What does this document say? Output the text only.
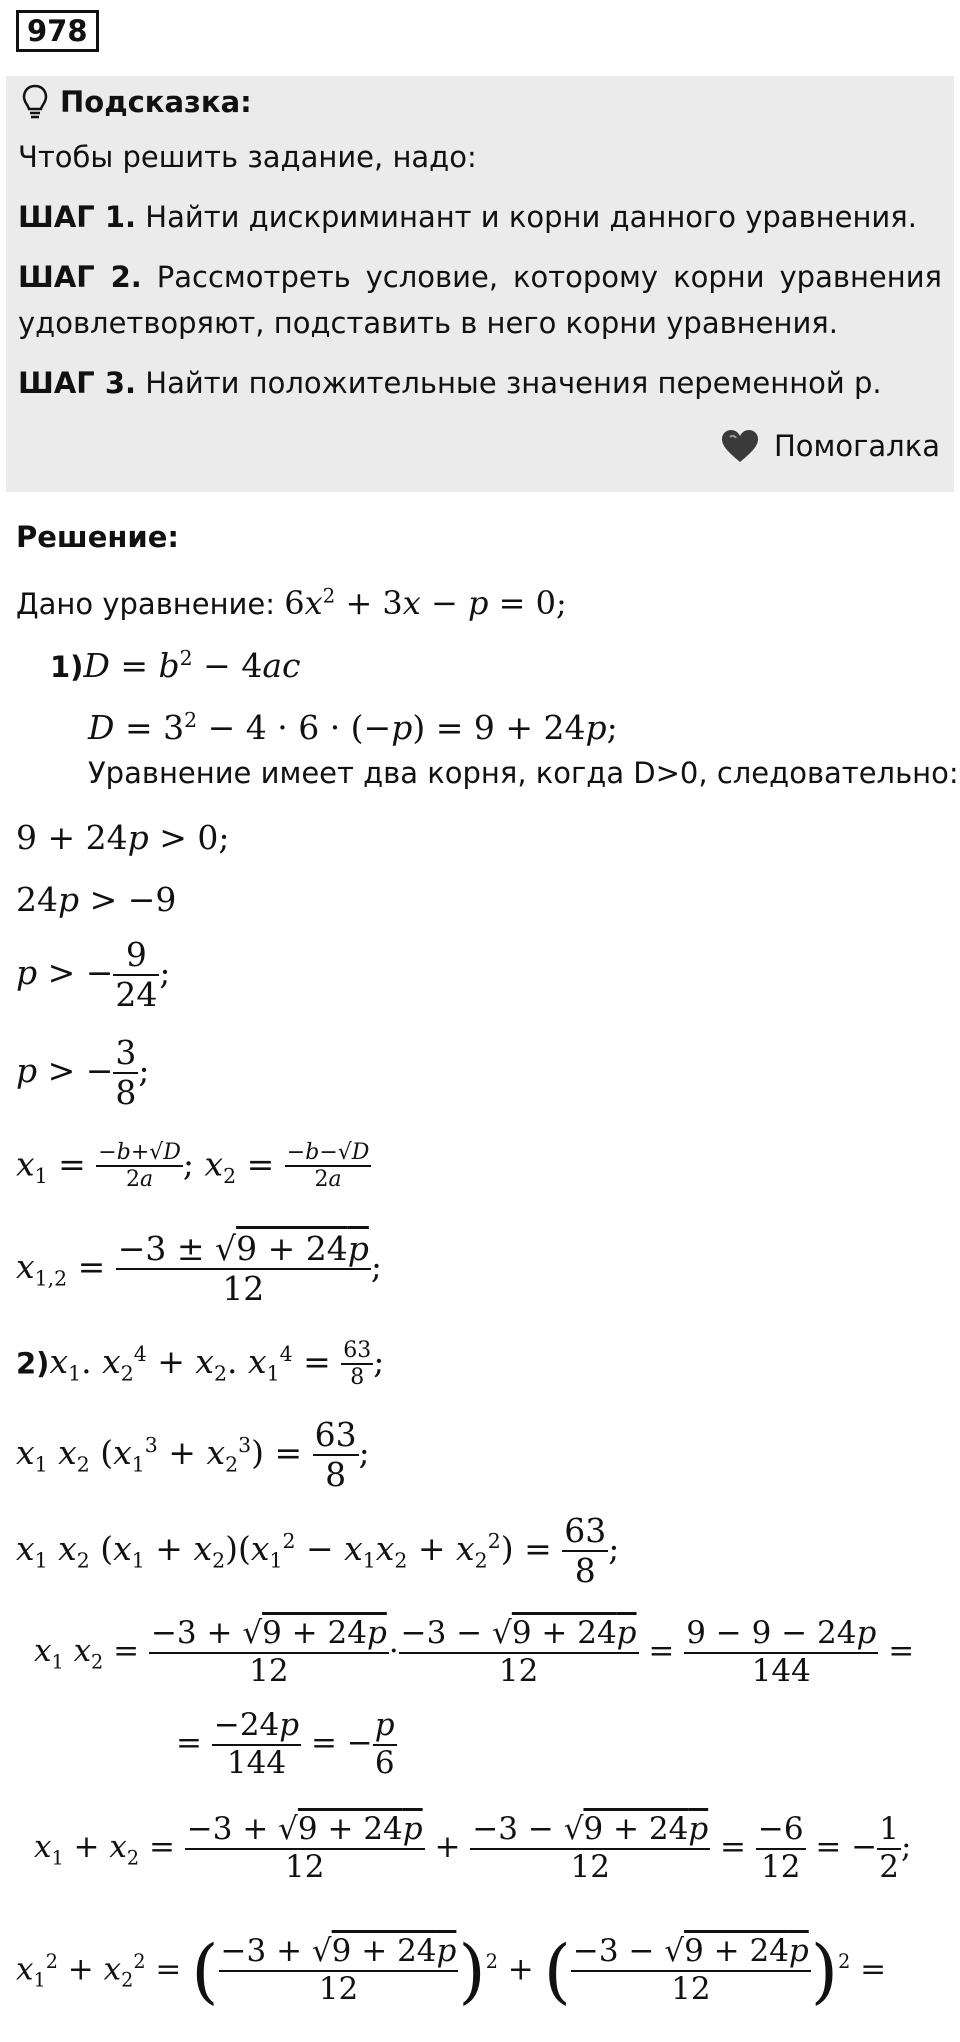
978
Подсказка:

Чтобы решить задание, надо:

ШАГ 1. Найти дискриминант и корни данного уравнения.

ШАГ 2. Рассмотреть условие, которому корни уравнения удовлетворяют, подставить в него корни уравнения.

ШАГ 3. Найти положительные значения переменной р.

Помогалка
Решение:
Дано уравнение: $6x^2 + 3x - p = 0$;
$1)D = b^2 - 4ac$
$D = 3^2 - 4 \cdot 6 \cdot (-p) = 9 + 24p$;
Уравнение имеет два корня, когда D>0, следовательно:
9 + 24p > 0;
24p > −9
p > − $\frac{9}{24}$ ;
p > − $\frac{3}{8}$ ;
$x_1 = \frac{-b+√D}{2a}$ ; $x_2 = \frac{-b-√D}{2a}$
$x_{1,2} = \frac{-3 \pm √9 + 24p}{12}$ ;
$2)x_1$. $x_2^4 + x_2$. $x_1^4 = \frac{63}{8}$ ;
$x_1$ $x_2$ $(x_1^3 + x_2^3) = \frac{63}{8}$ ;
$x_1$ $x_2$ $(x_1 + x_2)(x_1^2 - x_1x_2 + x_2^2) = \frac{63}{8}$ ;
$x_1$ $x_2 = \frac{-3 + √9 + 24p}{12} \cdot \frac{-3 - √9 + 24p}{12} = \frac{9 - 9 - 24p}{144}$ =
= $\frac{-24p}{144}$ = − $\frac{p}{6}$
$x_1 + x_2 = \frac{-3 + √9 + 24p}{12} + \frac{-3 - √9 + 24p}{12} = \frac{-6}{12}$ = − $\frac{1}{2}$ ;
$x_1^2 + x_2^2$ = ( $\frac{-3 + √9 + 24p}{12} )^2$ + ( $\frac{-3 - √9 + 24p}{12} )^2$ =
